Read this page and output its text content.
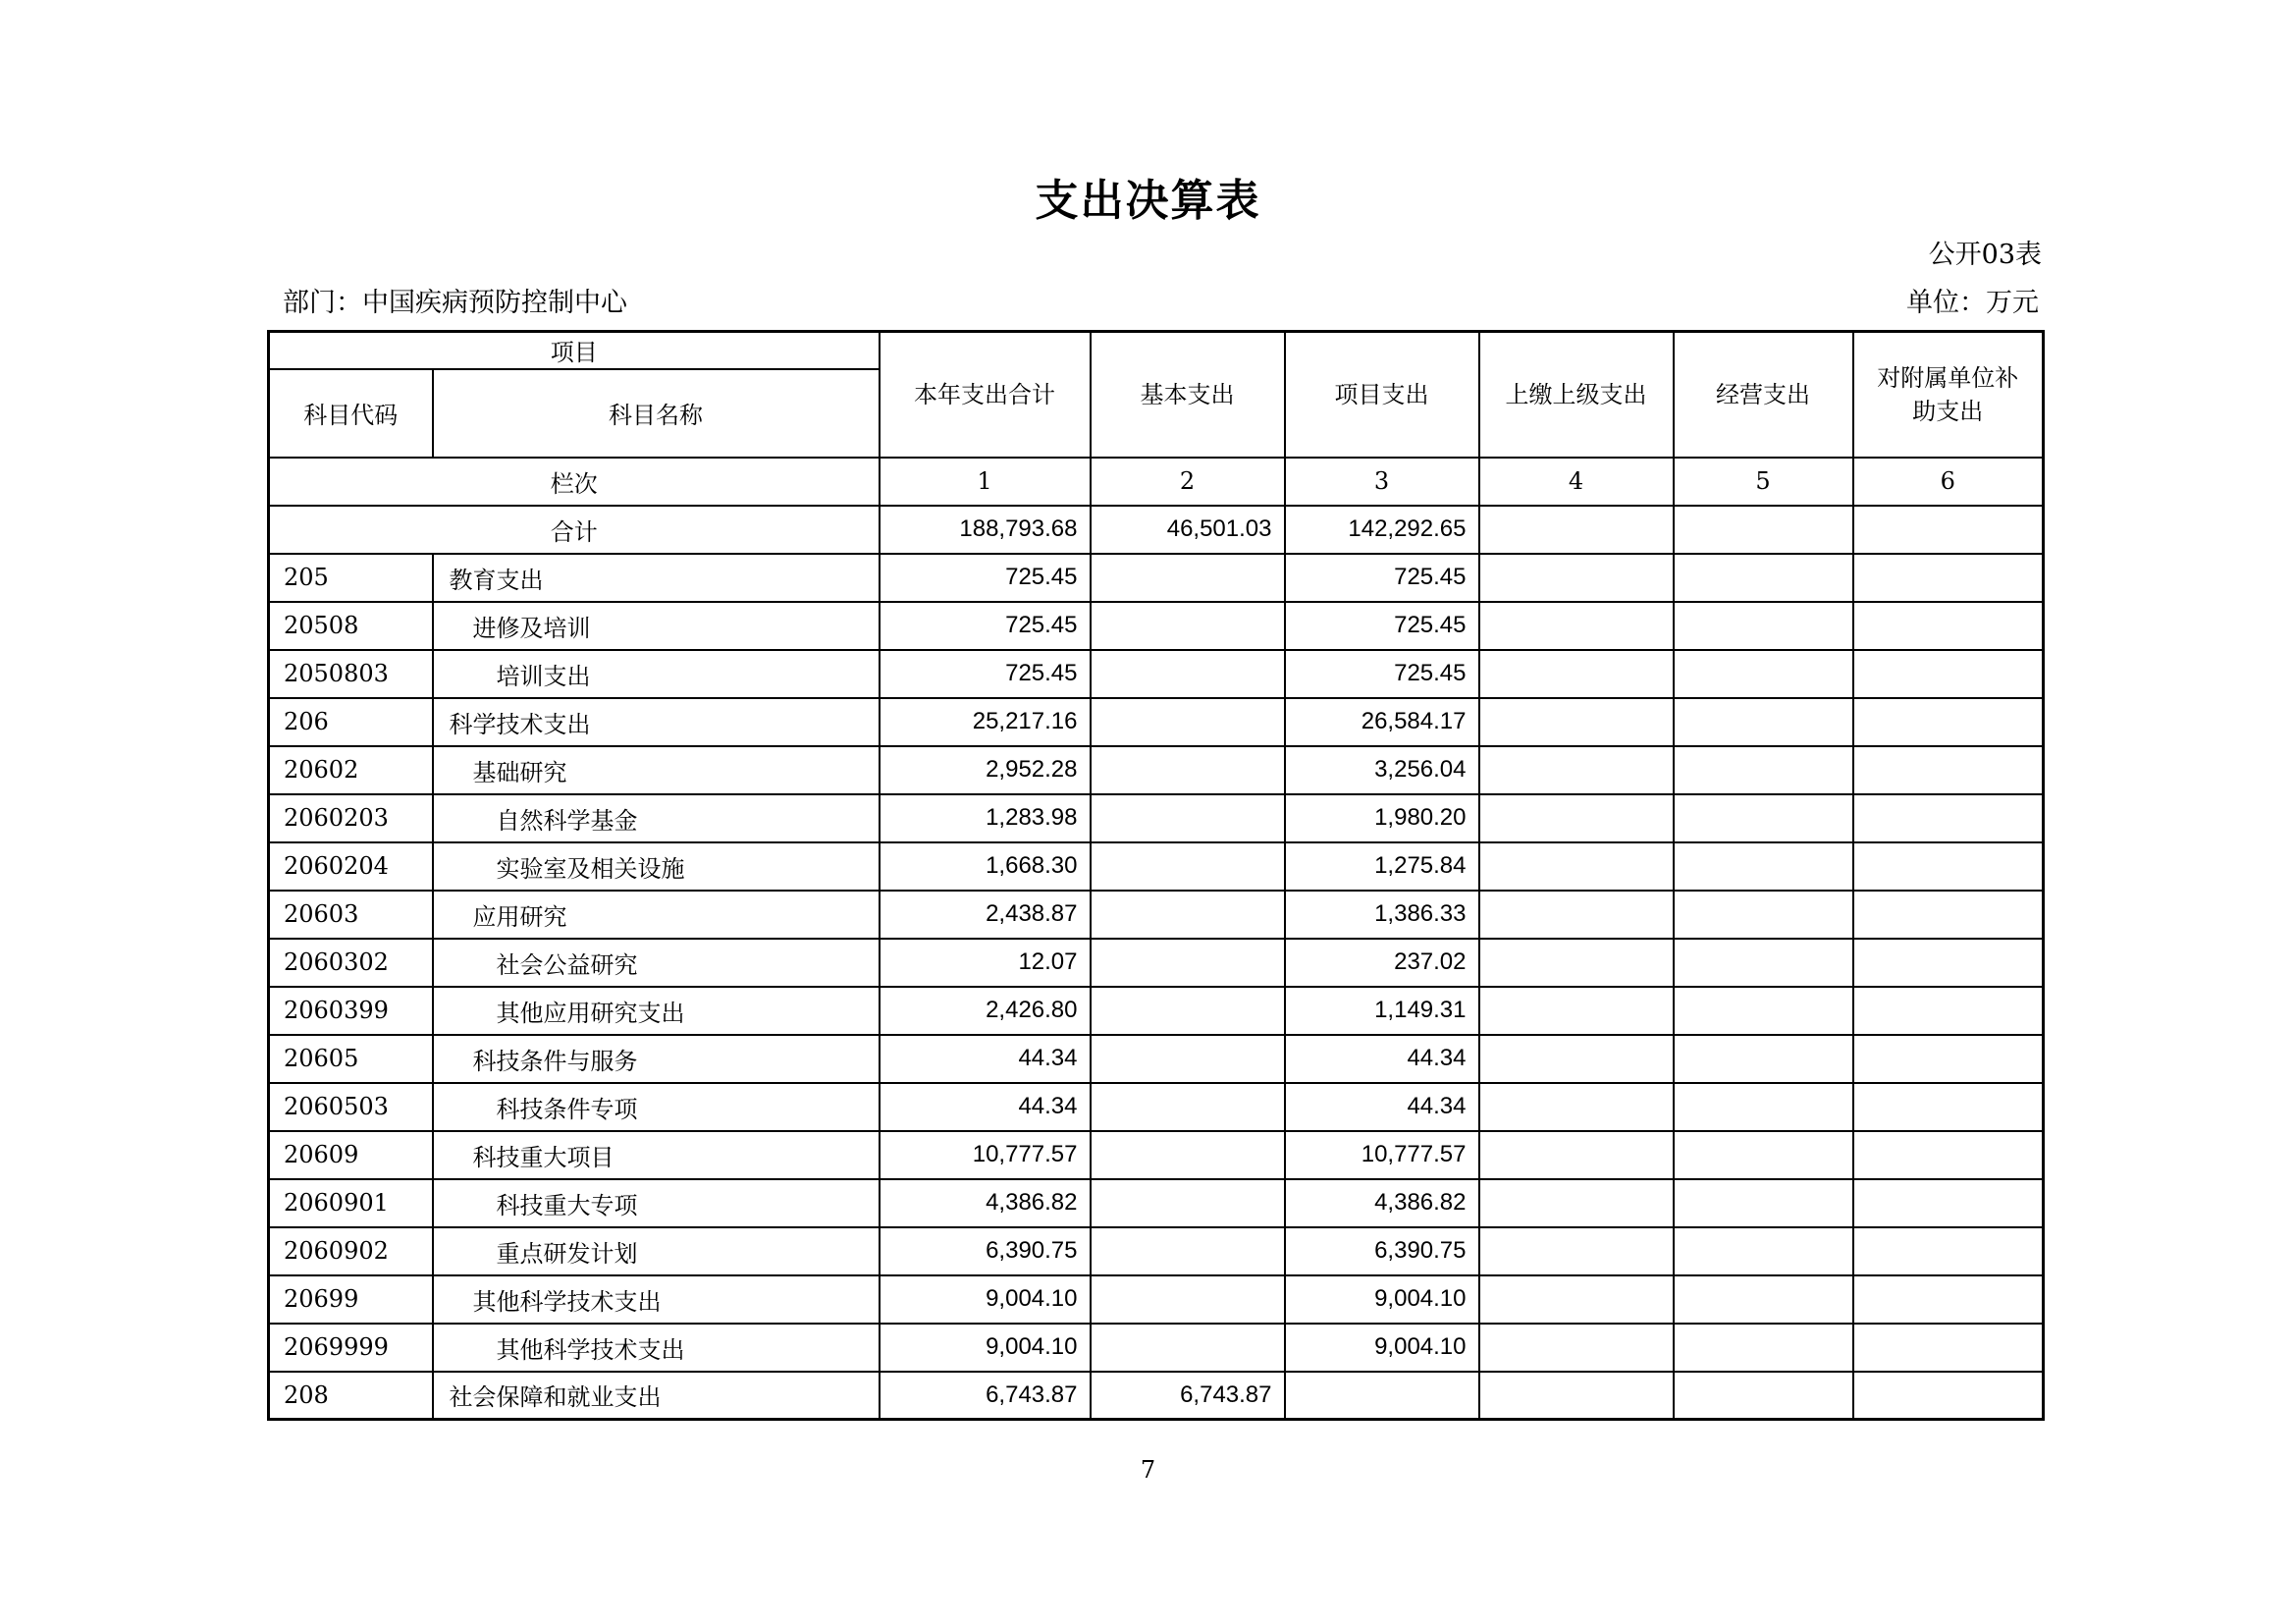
支出决算表
公开03表
部门：中国疾病预防控制中心	单位：万元
项目		本年支出合计	基本支出	项目支出	上缴上级支出	经营支出	对附属单位补助支出
科目代码	科目名称						
栏次		1	2	3	4	5	6
合计		188,793.68	46,501.03	142,292.65			
205	教育支出	725.45		725.45			
20508	进修及培训	725.45		725.45			
2050803	培训支出	725.45		725.45			
206	科学技术支出	25,217.16		26,584.17			
20602	基础研究	2,952.28		3,256.04			
2060203	自然科学基金	1,283.98		1,980.20			
2060204	实验室及相关设施	1,668.30		1,275.84			
20603	应用研究	2,438.87		1,386.33			
2060302	社会公益研究	12.07		237.02			
2060399	其他应用研究支出	2,426.80		1,149.31			
20605	科技条件与服务	44.34		44.34			
2060503	科技条件专项	44.34		44.34			
20609	科技重大项目	10,777.57		10,777.57			
2060901	科技重大专项	4,386.82		4,386.82			
2060902	重点研发计划	6,390.75		6,390.75			
20699	其他科学技术支出	9,004.10		9,004.10			
2069999	其他科学技术支出	9,004.10		9,004.10			
208	社会保障和就业支出	6,743.87	6,743.87				
7
